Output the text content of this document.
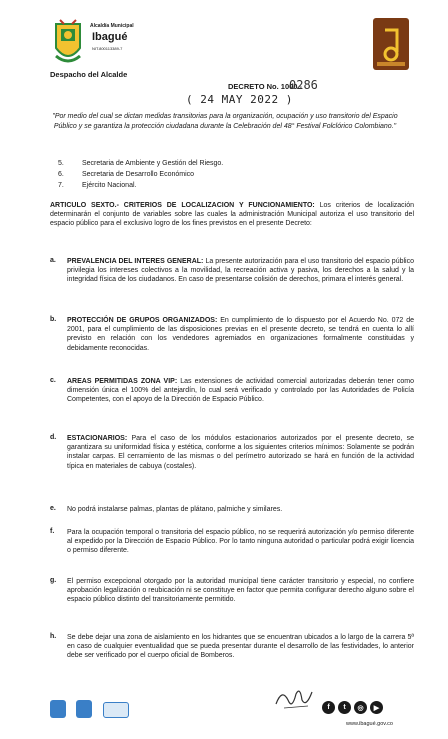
Alcaldía Municipal
Ibagué
NIT.800113389-7
Despacho del Alcalde
DECRETO No. 1000 -
0286
( 24 MAY 2022 )
"Por medio del cual se dictan medidas transitorias para la organización, ocupación y uso transitorio del Espacio Público y se garantiza la protección ciudadana durante la Celebración del 48° Festival Folclórico Colombiano."
5.	Secretaria de Ambiente y Gestión del Riesgo.
6.	Secretaria de Desarrollo Económico
7.	Ejército Nacional.
ARTICULO SEXTO.- CRITERIOS DE LOCALIZACION Y FUNCIONAMIENTO: Los criterios de localización determinarán el conjunto de variables sobre las cuales la administración Municipal autoriza el uso transitorio del espacio público para el exclusivo logro de los fines previstos en el presente Decreto:
a. PREVALENCIA DEL INTERES GENERAL: La presente autorización para el uso transitorio del espacio público privilegia los intereses colectivos a la movilidad, la recreación activa y pasiva, los derechos a la salud y la integridad física de los ciudadanos. En caso de presentarse colisión de derechos, primara el interés general.
b. PROTECCIÓN DE GRUPOS ORGANIZADOS: En cumplimiento de lo dispuesto por el Acuerdo No. 072 de 2001, para el cumplimiento de las disposiciones previas en el presente decreto, se tendrá en cuenta lo allí previsto en relación con los vendedores agremiados en organizaciones formalmente constituidas y debidamente reconocidas.
c. AREAS PERMITIDAS ZONA VIP: Las extensiones de actividad comercial autorizadas deberán tener como dimensión única el 100% del antejardín, lo cual será verificado y controlado por las Autoridades de Policía Competentes, con el apoyo de la Dirección de Espacio Público.
d. ESTACIONARIOS: Para el caso de los módulos estacionarios autorizados por el presente decreto, se garantizara su uniformidad física y estética, conforme a los siguientes criterios mínimos: Solamente se podrán instalar carpas. El cerramiento de las mismas o del perímetro autorizado se hará en función de la actividad típica en materiales de cabuya (costales).
e. No podrá instalarse palmas, plantas de plátano, palmiche y similares.
f. Para la ocupación temporal o transitoria del espacio público, no se requerirá autorización y/o permiso diferente al expedido por la Dirección de Espacio Público. Por lo tanto ninguna autoridad o particular podrá exigir licencia o permiso diferente.
g. El permiso excepcional otorgado por la autoridad municipal tiene carácter transitorio y especial, no confiere aprobación legalización o reubicación ni se constituye en factor que permita configurar derecho alguno sobre el espacio público distinto del transitoriamente permitido.
h. Se debe dejar una zona de aislamiento en los hidrantes que se encuentran ubicados a lo largo de la carrera 5ª en caso de cualquier eventualidad que se pueda presentar durante el desarrollo de las festividades, lo anterior debe ser verificado por el cuerpo oficial de Bomberos.

f	t	◎	▶
www.ibagué.gov.co
